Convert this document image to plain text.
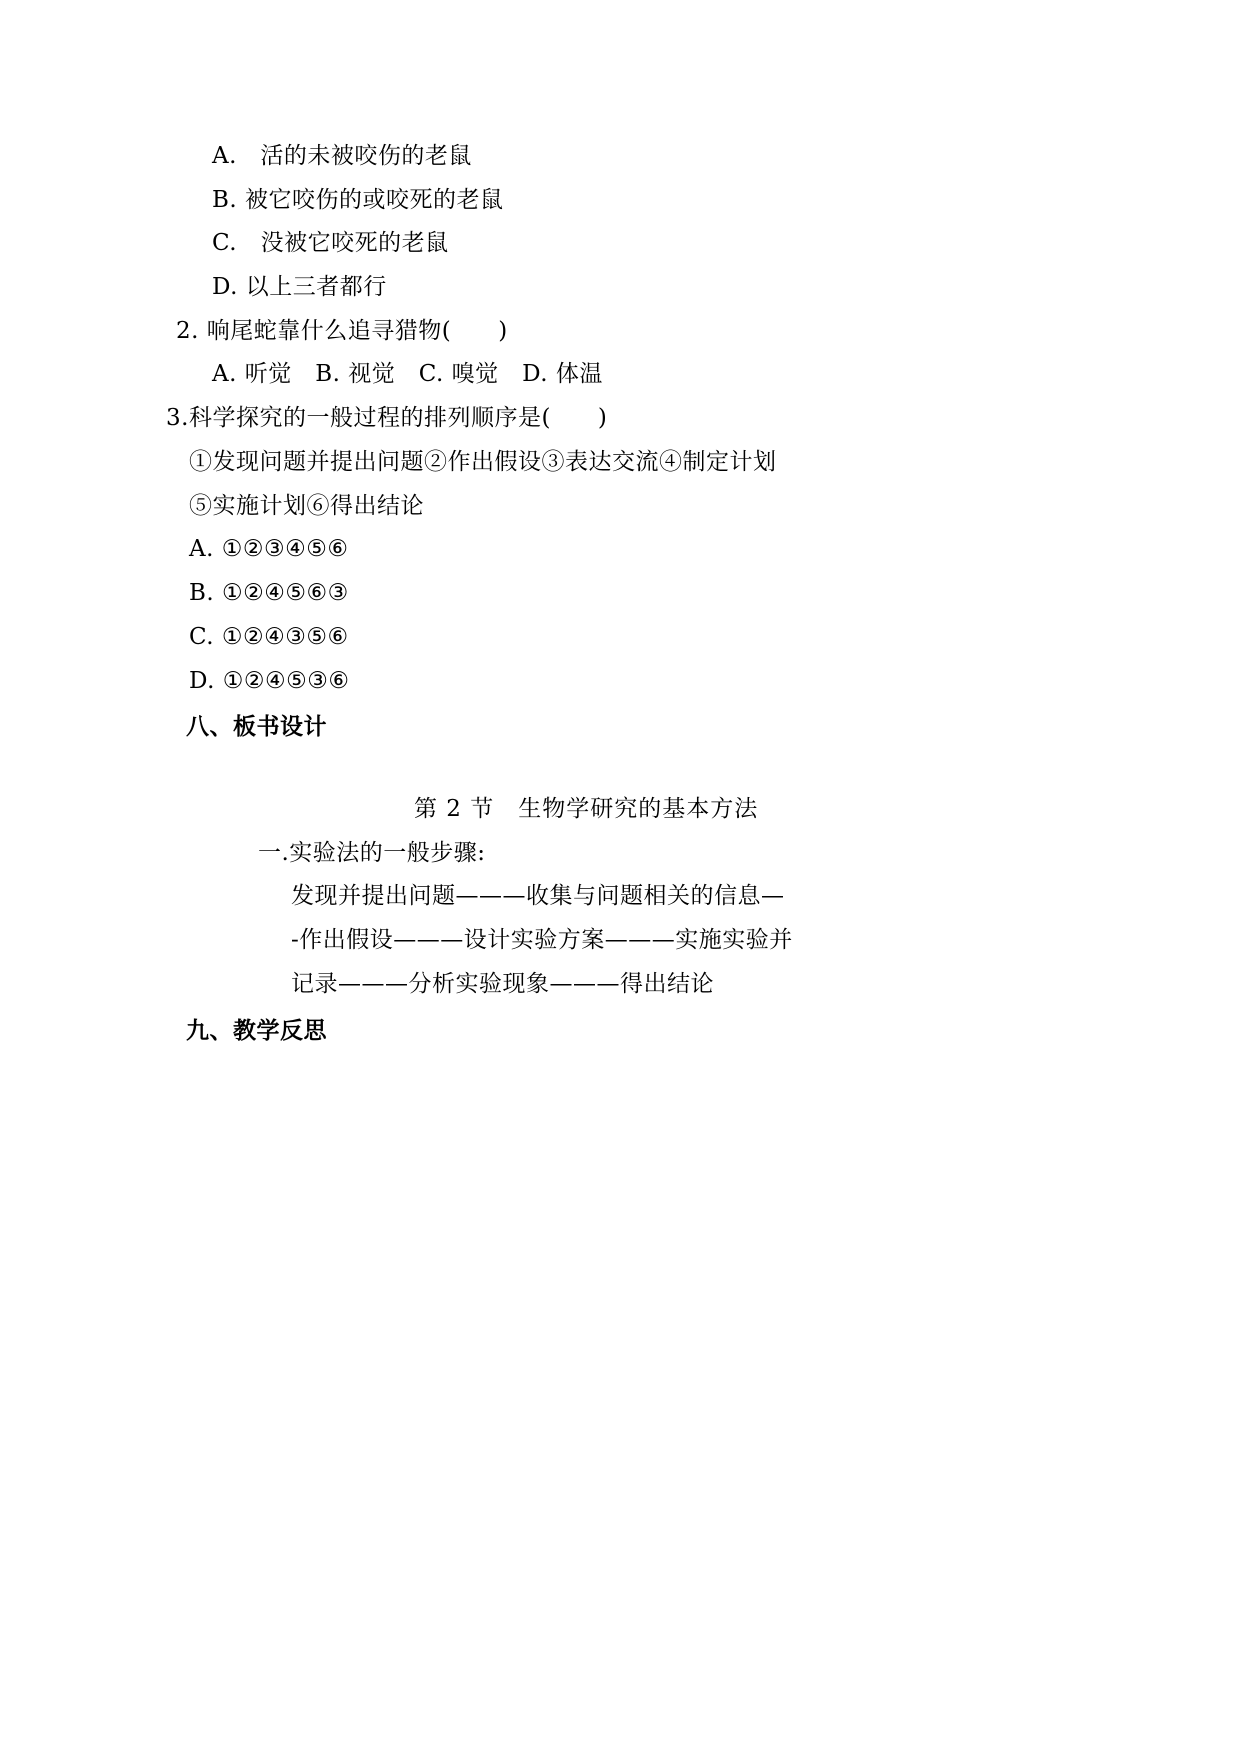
A.　活的未被咬伤的老鼠
B. 被它咬伤的或咬死的老鼠
C.　没被它咬死的老鼠
D. 以上三者都行
2. 响尾蛇靠什么追寻猎物(　　)
A. 听觉　B. 视觉　C. 嗅觉　D. 体温
3.科学探究的一般过程的排列顺序是(　　)
①发现问题并提出问题②作出假设③表达交流④制定计划
⑤实施计划⑥得出结论
A. ①②③④⑤⑥
B. ①②④⑤⑥③
C. ①②④③⑤⑥
D. ①②④⑤③⑥
八、板书设计
第 2 节　生物学研究的基本方法
一.实验法的一般步骤:
发现并提出问题———收集与问题相关的信息—
-作出假设———设计实验方案———实施实验并
记录———分析实验现象———得出结论
九、教学反思
